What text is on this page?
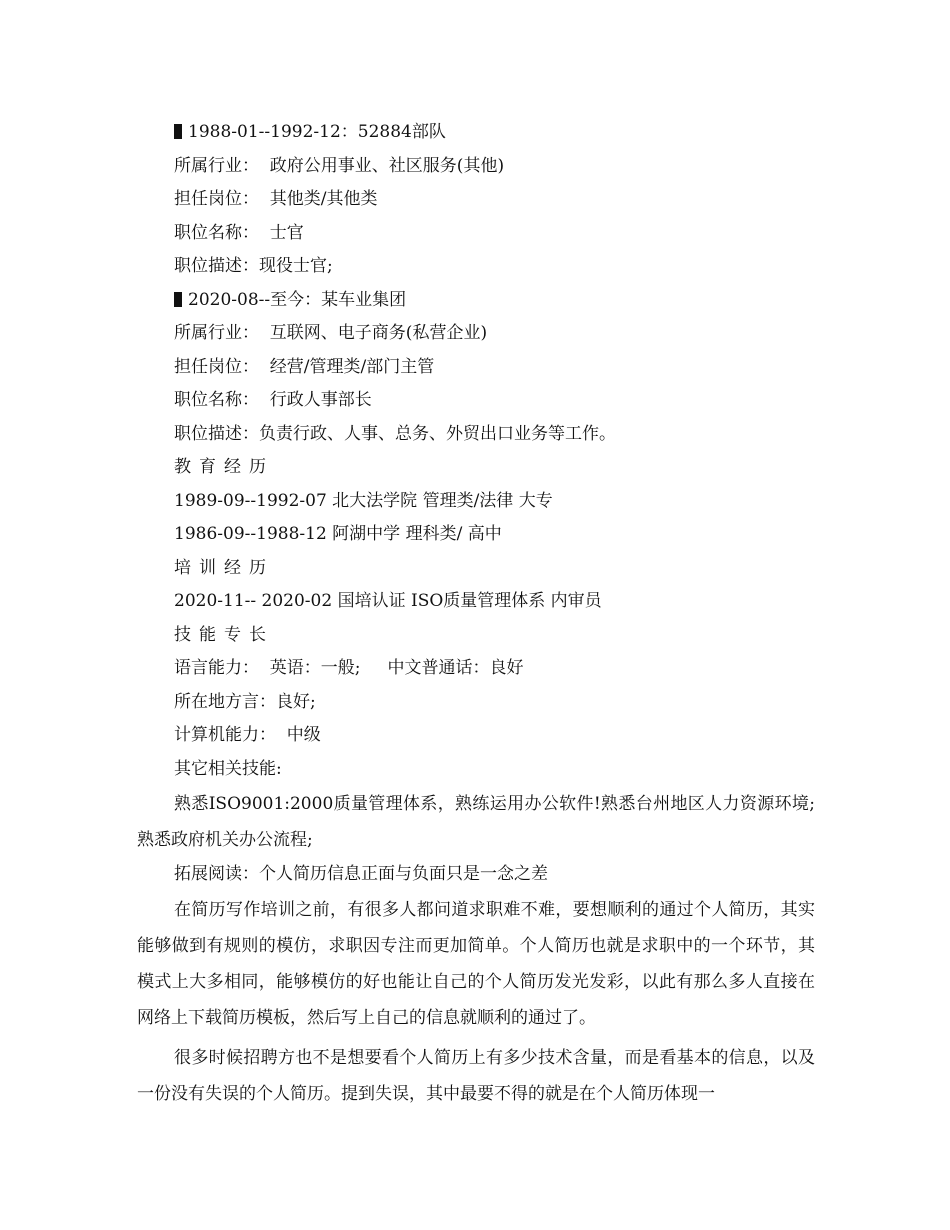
1988-01--1992-12：52884部队
所属行业：  政府公用事业、社区服务(其他)
担任岗位：  其他类/其他类
职位名称：  士官
职位描述：现役士官;
2020-08--至今：某车业集团
所属行业：  互联网、电子商务(私营企业)
担任岗位：  经营/管理类/部门主管
职位名称：  行政人事部长
职位描述：负责行政、人事、总务、外贸出口业务等工作。
教育经历
1989-09--1992-07 北大法学院 管理类/法律 大专
1986-09--1988-12 阿湖中学 理科类/ 高中
培训经历
2020-11-- 2020-02 国培认证 ISO质量管理体系 内审员
技能专长
语言能力：  英语：一般;     中文普通话：良好
所在地方言：良好;
计算机能力：  中级
其它相关技能:
熟悉ISO9001:2000质量管理体系，熟练运用办公软件!熟悉台州地区人力资源环境;熟悉政府机关办公流程;
拓展阅读：个人简历信息正面与负面只是一念之差
在简历写作培训之前，有很多人都问道求职难不难，要想顺利的通过个人简历，其实能够做到有规则的模仿，求职因专注而更加简单。个人简历也就是求职中的一个环节，其模式上大多相同，能够模仿的好也能让自己的个人简历发光发彩，以此有那么多人直接在网络上下载简历模板，然后写上自己的信息就顺利的通过了。
很多时候招聘方也不是想要看个人简历上有多少技术含量，而是看基本的信息，以及一份没有失误的个人简历。提到失误，其中最要不得的就是在个人简历体现一
